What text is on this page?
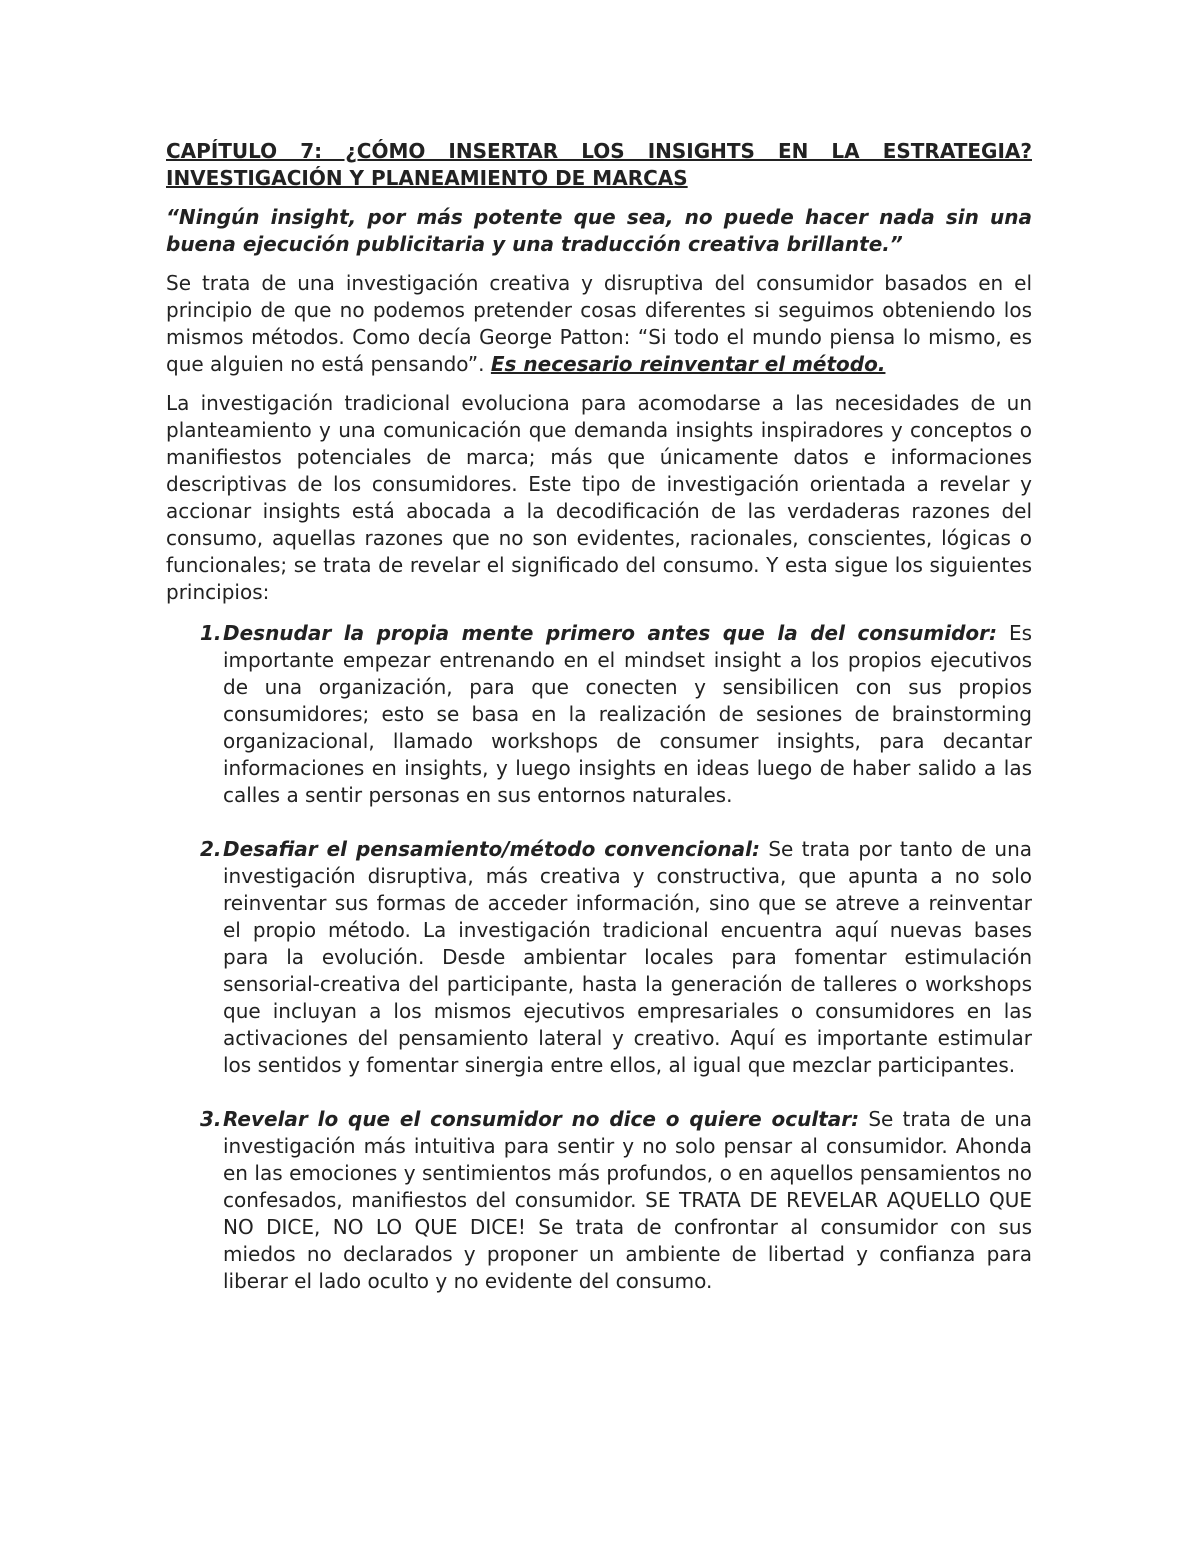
CAPÍTULO 7: ¿CÓMO INSERTAR LOS INSIGHTS EN LA ESTRATEGIA?

INVESTIGACIÓN Y PLANEAMIENTO DE MARCAS

“Ningún insight, por más potente que sea, no puede hacer nada sin una buena ejecución publicitaria y una traducción creativa brillante.”

Se trata de una investigación creativa y disruptiva del consumidor basados en el principio de que no podemos pretender cosas diferentes si seguimos obteniendo los mismos métodos. Como decía George Patton: “Si todo el mundo piensa lo mismo, es que alguien no está pensando”. Es necesario reinventar el método.

La investigación tradicional evoluciona para acomodarse a las necesidades de un planteamiento y una comunicación que demanda insights inspiradores y conceptos o manifiestos potenciales de marca; más que únicamente datos e informaciones descriptivas de los consumidores. Este tipo de investigación orientada a revelar y accionar insights está abocada a la decodificación de las verdaderas razones del consumo, aquellas razones que no son evidentes, racionales, conscientes, lógicas o funcionales; se trata de revelar el significado del consumo. Y esta sigue los siguientes principios:

1. Desnudar la propia mente primero antes que la del consumidor: Es importante empezar entrenando en el mindset insight a los propios ejecutivos de una organización, para que conecten y sensibilicen con sus propios consumidores; esto se basa en la realización de sesiones de brainstorming organizacional, llamado workshops de consumer insights, para decantar informaciones en insights, y luego insights en ideas luego de haber salido a las calles a sentir personas en sus entornos naturales.
2. Desafiar el pensamiento/método convencional: Se trata por tanto de una investigación disruptiva, más creativa y constructiva, que apunta a no solo reinventar sus formas de acceder información, sino que se atreve a reinventar el propio método. La investigación tradicional encuentra aquí nuevas bases para la evolución. Desde ambientar locales para fomentar estimulación sensorial-creativa del participante, hasta la generación de talleres o workshops que incluyan a los mismos ejecutivos empresariales o consumidores en las activaciones del pensamiento lateral y creativo. Aquí es importante estimular los sentidos y fomentar sinergia entre ellos, al igual que mezclar participantes.
3. Revelar lo que el consumidor no dice o quiere ocultar: Se trata de una investigación más intuitiva para sentir y no solo pensar al consumidor. Ahonda en las emociones y sentimientos más profundos, o en aquellos pensamientos no confesados, manifiestos del consumidor. SE TRATA DE REVELAR AQUELLO QUE NO DICE, NO LO QUE DICE! Se trata de confrontar al consumidor con sus miedos no declarados y proponer un ambiente de libertad y confianza para liberar el lado oculto y no evidente del consumo.
